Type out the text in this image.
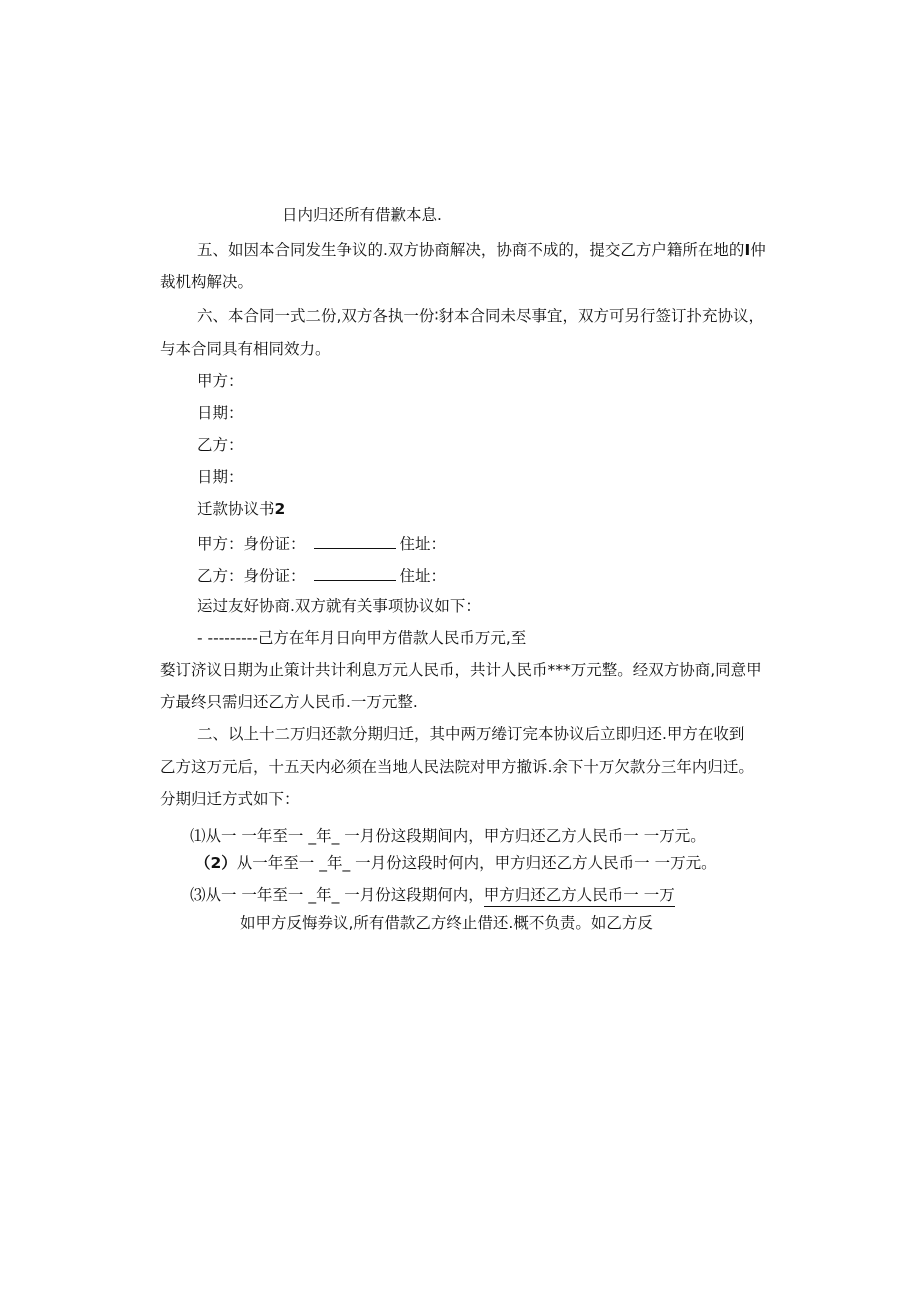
日内归还所有借歉本息.
五、如因本合同发生争议的.双方协商解决，协商不成的，提交乙方户籍所在地的I仲
裁机构解决。
六、本合同一式二份,双方各执一份∶豺本合同未尽事宜，双方可另行签订扑充协议，
与本合同具有相同效力。
甲方：
日期：
乙方：
日期：
迁款协议书2
甲方：身份证：	住址：
乙方：身份证：	住址：
运过友好协商.双方就有关事项协议如下：
- ---------己方在年月日向甲方借款人民币万元,至
婺订济议日期为止策计共计利息万元人民币，共计人民币***万元整。经双方协商,同意甲
方最终只需归还乙方人民币.一万元整.
二、以上十二万归还款分期归迁，其中两万绻订完本协议后立即归还.甲方在收到
乙方这万元后，十五天内必须在当地人民法院对甲方撤诉.余下十万欠款分三年内归迁。
分期归迁方式如下：
⑴从一 一年至一 _年_ 一月份这段期间内，甲方归还乙方人民币一 一万元。
（2）从一年至一 _年_ 一月份这段时何内，甲方归还乙方人民币一 一万元。
⑶从一 一年至一 _年_ 一月份这段期何内，甲方归还乙方人民币一 一万
如甲方反悔券议,所有借款乙方终止借还.概不负责。如乙方反
